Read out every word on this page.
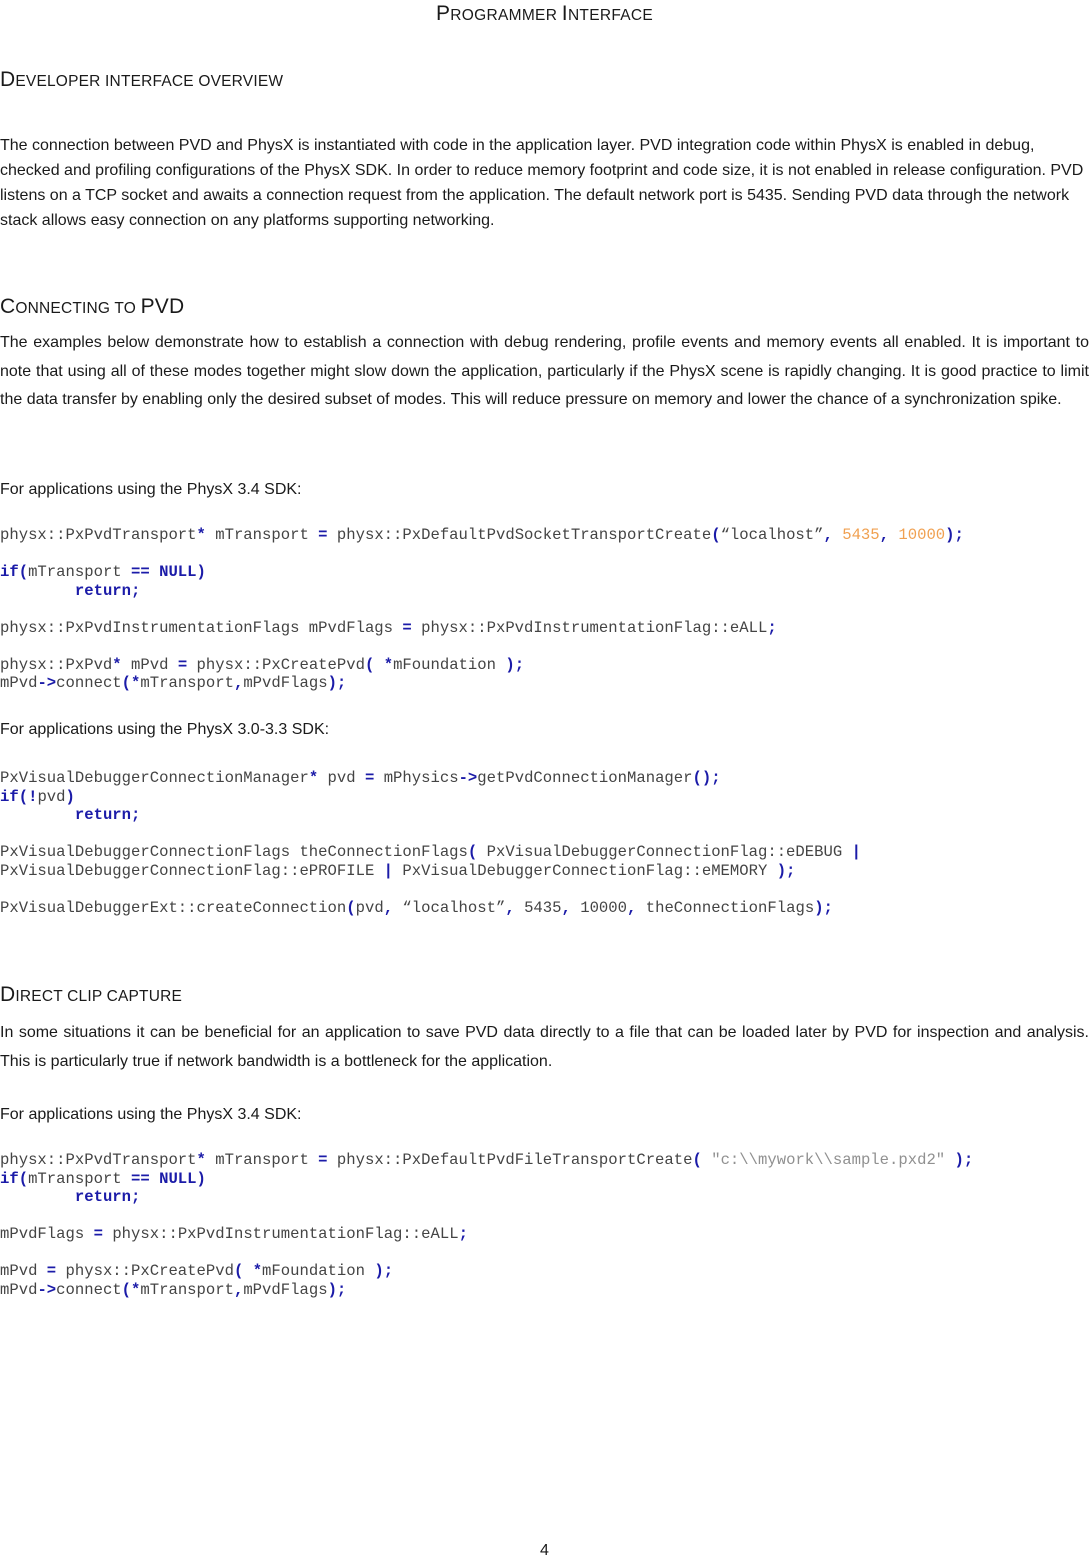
PROGRAMMER INTERFACE
DEVELOPER INTERFACE OVERVIEW
The connection between PVD and PhysX is instantiated with code in the application layer. PVD integration code within PhysX is enabled in debug, checked and profiling configurations of the PhysX SDK. In order to reduce memory footprint and code size, it is not enabled in release configuration. PVD listens on a TCP socket and awaits a connection request from the application. The default network port is 5435. Sending PVD data through the network stack allows easy connection on any platforms supporting networking.
CONNECTING TO PVD
The examples below demonstrate how to establish a connection with debug rendering, profile events and memory events all enabled. It is important to note that using all of these modes together might slow down the application, particularly if the PhysX scene is rapidly changing. It is good practice to limit the data transfer by enabling only the desired subset of modes. This will reduce pressure on memory and lower the chance of a synchronization spike.
For applications using the PhysX 3.4 SDK:
physx::PxPvdTransport* mTransport = physx::PxDefaultPvdSocketTransportCreate(“localhost”, 5435, 10000);

if(mTransport == NULL)
return;

physx::PxPvdInstrumentationFlags mPvdFlags = physx::PxPvdInstrumentationFlag::eALL;

physx::PxPvd* mPvd = physx::PxCreatePvd( *mFoundation );
mPvd->connect(*mTransport,mPvdFlags);
For applications using the PhysX 3.0-3.3 SDK:
PxVisualDebuggerConnectionManager* pvd = mPhysics->getPvdConnectionManager();
if(!pvd)
return;

PxVisualDebuggerConnectionFlags theConnectionFlags( PxVisualDebuggerConnectionFlag::eDEBUG |
PxVisualDebuggerConnectionFlag::ePROFILE | PxVisualDebuggerConnectionFlag::eMEMORY );

PxVisualDebuggerExt::createConnection(pvd, “localhost”, 5435, 10000, theConnectionFlags);
DIRECT CLIP CAPTURE
In some situations it can be beneficial for an application to save PVD data directly to a file that can be loaded later by PVD for inspection and analysis. This is particularly true if network bandwidth is a bottleneck for the application.
For applications using the PhysX 3.4 SDK:
physx::PxPvdTransport* mTransport = physx::PxDefaultPvdFileTransportCreate( "c:\\mywork\\sample.pxd2" );
if(mTransport == NULL)
return;

mPvdFlags = physx::PxPvdInstrumentationFlag::eALL;

mPvd = physx::PxCreatePvd( *mFoundation );
mPvd->connect(*mTransport,mPvdFlags);
4
